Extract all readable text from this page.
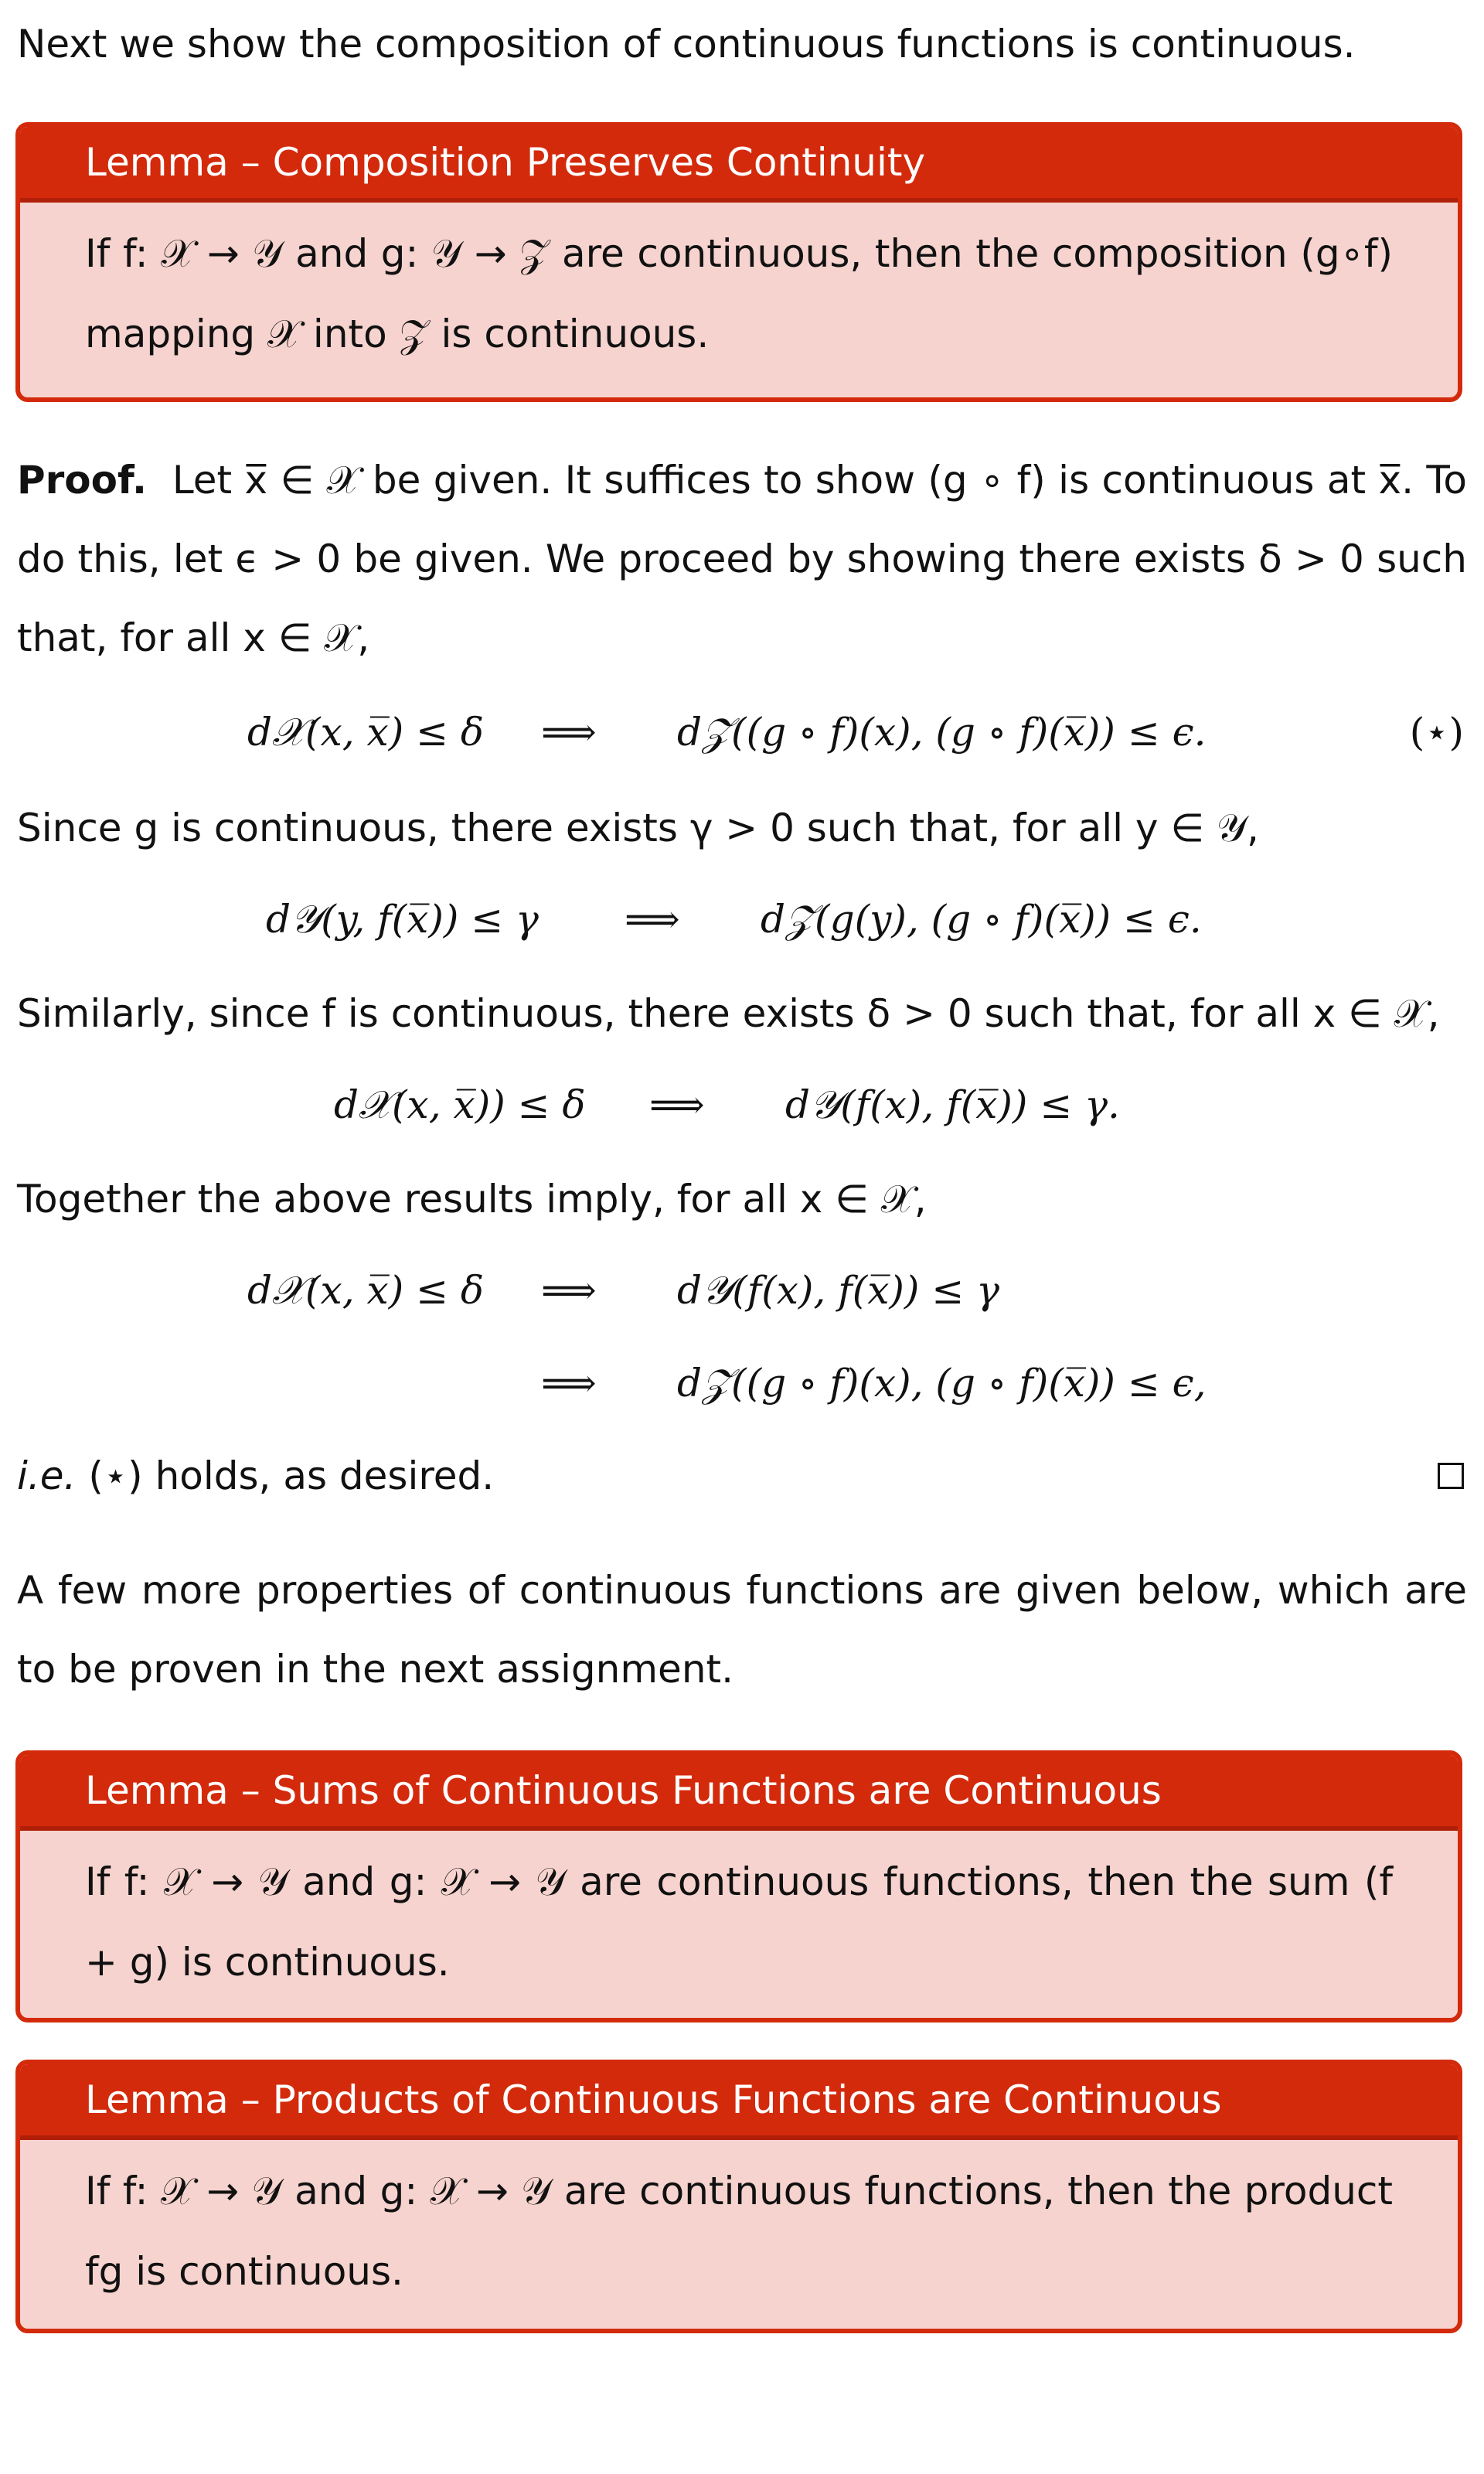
Next we show the composition of continuous functions is continuous.
Lemma – Composition Preserves Continuity
If f: 𝒳 → 𝒴 and g: 𝒴 → 𝒵 are continuous, then the composition (g∘f) mapping 𝒳 into 𝒵 is continuous.
Proof. Let x̅ ∈ 𝒳 be given. It suffices to show (g ∘ f) is continuous at x̅. To do this, let ϵ > 0 be given. We proceed by showing there exists δ > 0 such that, for all x ∈ 𝒳,
d𝒳(x, x̅) ≤ δ ⟹ d𝒵((g ∘ f)(x), (g ∘ f)(x̅)) ≤ ϵ.	(⋆)
Since g is continuous, there exists γ > 0 such that, for all y ∈ 𝒴,
d𝒴(y, f(x̅)) ≤ γ ⟹ d𝒵(g(y), (g ∘ f)(x̅)) ≤ ϵ.
Similarly, since f is continuous, there exists δ > 0 such that, for all x ∈ 𝒳,
d𝒳(x, x̅)) ≤ δ ⟹ d𝒴(f(x), f(x̅)) ≤ γ.
Together the above results imply, for all x ∈ 𝒳,
d𝒳(x, x̅) ≤ δ ⟹ d𝒴(f(x), f(x̅)) ≤ γ
⟹ d𝒵((g ∘ f)(x), (g ∘ f)(x̅)) ≤ ϵ,
i.e. (⋆) holds, as desired.
A few more properties of continuous functions are given below, which are to be proven in the next assignment.
Lemma – Sums of Continuous Functions are Continuous
If f: 𝒳 → 𝒴 and g: 𝒳 → 𝒴 are continuous functions, then the sum (f + g) is continuous.
Lemma – Products of Continuous Functions are Continuous
If f: 𝒳 → 𝒴 and g: 𝒳 → 𝒴 are continuous functions, then the product fg is continuous.
